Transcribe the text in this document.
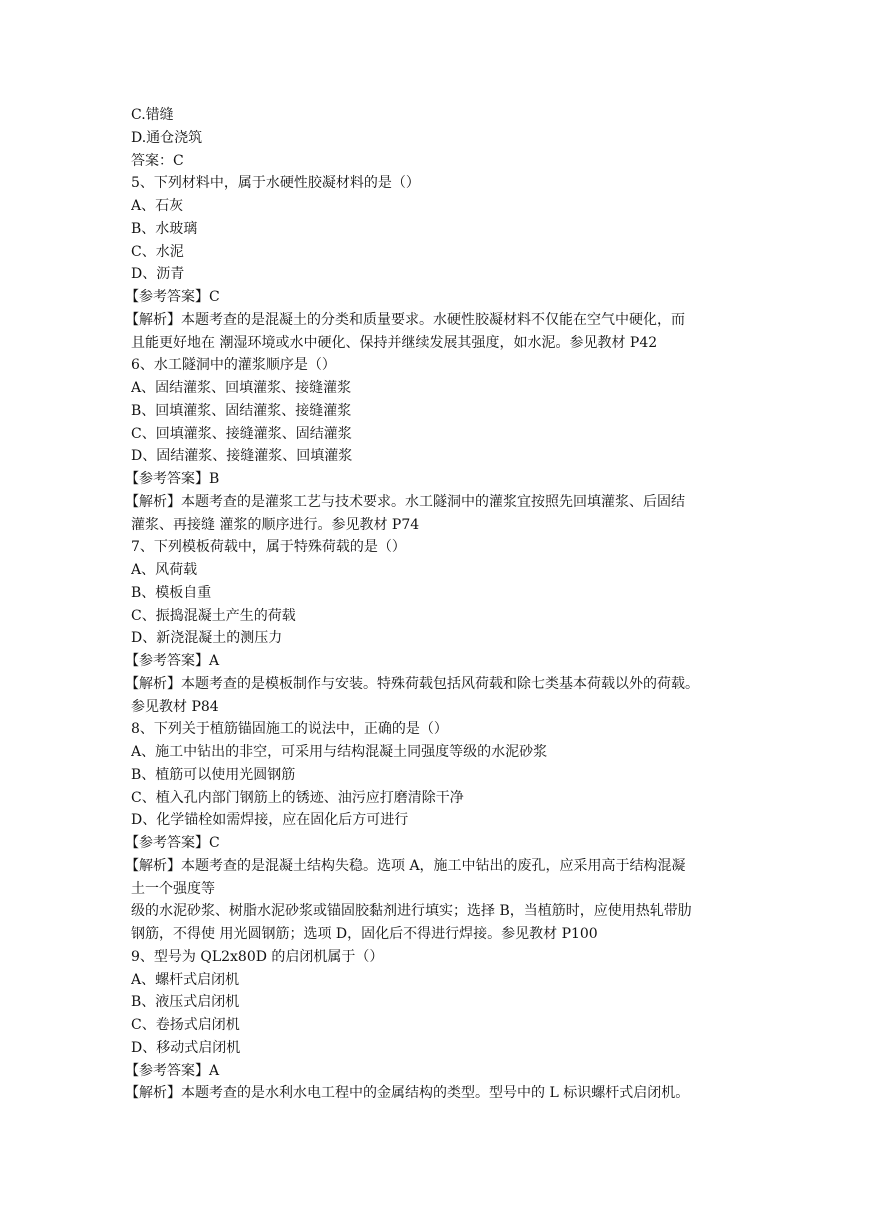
C.错缝
D.通仓浇筑
答案：C
5、下列材料中，属于水硬性胶凝材料的是（）
A、石灰
B、水玻璃
C、水泥
D、沥青
【参考答案】C
【解析】本题考查的是混凝土的分类和质量要求。水硬性胶凝材料不仅能在空气中硬化，而
且能更好地在 潮湿环境或水中硬化、保持并继续发展其强度，如水泥。参见教材 P42
6、水工隧洞中的灌浆顺序是（）
A、固结灌浆、回填灌浆、接缝灌浆
B、回填灌浆、固结灌浆、接缝灌浆
C、回填灌浆、接缝灌浆、固结灌浆
D、固结灌浆、接缝灌浆、回填灌浆
【参考答案】B
【解析】本题考查的是灌浆工艺与技术要求。水工隧洞中的灌浆宜按照先回填灌浆、后固结
灌浆、再接缝 灌浆的顺序进行。参见教材 P74
7、下列模板荷载中，属于特殊荷载的是（）
A、风荷载
B、模板自重
C、振捣混凝土产生的荷载
D、新浇混凝土的测压力
【参考答案】A
【解析】本题考查的是模板制作与安装。特殊荷载包括风荷载和除七类基本荷载以外的荷载。
参见教材 P84
8、下列关于植筋锚固施工的说法中，正确的是（）
A、施工中钻出的非空，可采用与结构混凝土同强度等级的水泥砂浆
B、植筋可以使用光圆钢筋
C、植入孔内部门钢筋上的锈迹、油污应打磨清除干净
D、化学锚栓如需焊接，应在固化后方可进行
【参考答案】C
【解析】本题考查的是混凝土结构失稳。选项 A，施工中钻出的废孔，应采用高于结构混凝
土一个强度等
级的水泥砂浆、树脂水泥砂浆或锚固胶黏剂进行填实；选择 B，当植筋时，应使用热轧带肋
钢筋，不得使 用光圆钢筋；选项 D，固化后不得进行焊接。参见教材 P100
9、型号为 QL2x80D 的启闭机属于（）
A、螺杆式启闭机
B、液压式启闭机
C、卷扬式启闭机
D、移动式启闭机
【参考答案】A
【解析】本题考查的是水利水电工程中的金属结构的类型。型号中的 L 标识螺杆式启闭机。
